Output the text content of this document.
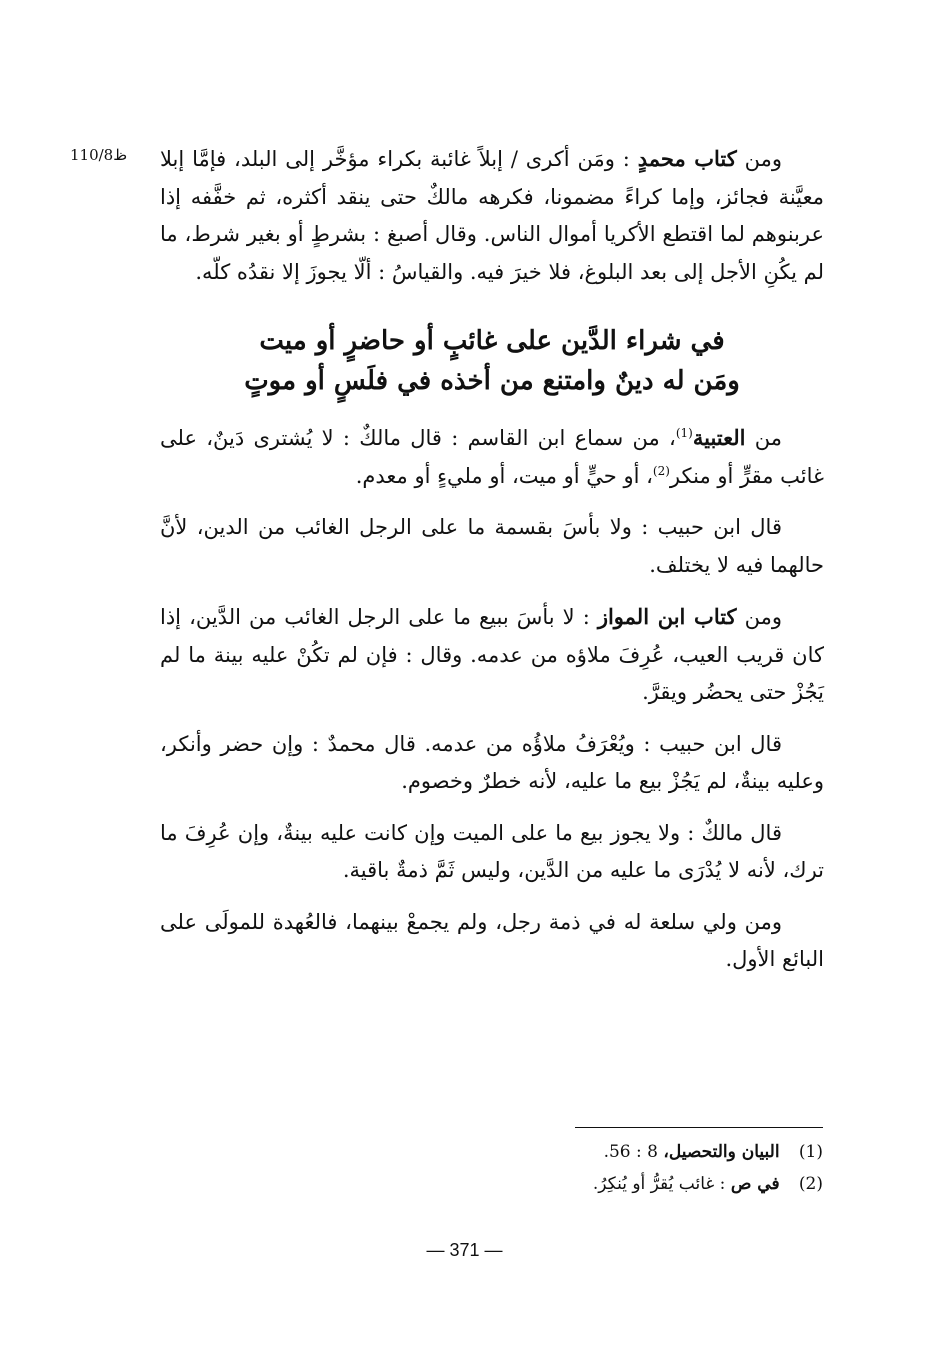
110/8ظ	ومن كتاب محمدٍ : ومَن أكرى / إبلاً غائبة بكراء مؤخَّر إلى البلد، فإمَّا إبلا معيَّنة فجائز، وإما كراءً مضمونا، فكرهه مالكٌ حتى ينقد أكثره، ثم خفَّفه إذا عربنوهم لما اقتطع الأكريا أموال الناس. وقال أصبغ : بشرطٍ أو بغير شرط، ما لم يكُنِ الأجل إلى بعد البلوغ، فلا خيرَ فيه. والقياسُ : ألّا يجوزَ إلا نقدُه كلّه.

في شراء الدَّين على غائبٍ أو حاضرٍ أو ميت
ومَن له دينٌ وامتنع من أخذه في فلَسٍ أو موتٍ

من العتبية$^{(1)}$، من سماع ابن القاسم : قال مالكٌ : لا يُشترى دَينٌ، على غائب مقرٍّ أو منكر$^{(2)}$، أو حيٍّ أو ميت، أو مليءٍ أو معدم.

قال ابن حبيب : ولا بأسَ بقسمة ما على الرجل الغائب من الدين، لأنَّ حالهما فيه لا يختلف.

ومن كتاب ابن المواز : لا بأسَ ببيع ما على الرجل الغائب من الدَّين، إذا كان قريب العيب، عُرِفَ ملاؤه من عدمه. وقال : فإن لم تكُنْ عليه بينة ما لم يَجُزْ حتى يحضُر ويقرَّ.

قال ابن حبيب : ويُعْرَفُ ملاؤُه من عدمه. قال محمدٌ : وإن حضر وأنكر، وعليه بينةٌ، لم يَجُزْ بيع ما عليه، لأنه خطرٌ وخصوم.

قال مالكٌ : ولا يجوز بيع ما على الميت وإن كانت عليه بينةٌ، وإن عُرِفَ ما ترك، لأنه لا يُدْرَى ما عليه من الدَّين، وليس ثَمَّ ذمةٌ باقية.

ومن ولي سلعة له في ذمة رجل، ولم يجمعْ بينهما، فالعُهدة للمولَى على البائع الأول.

(1) البيان والتحصيل، 8 : 56.
(2) في ص : غائب يُقرُّ أو يُنكِرُ.
— 371 —
